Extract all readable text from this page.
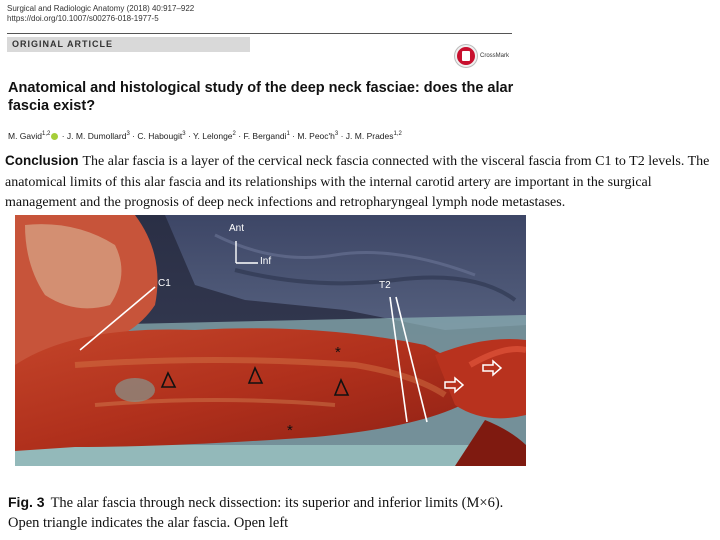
Surgical and Radiologic Anatomy (2018) 40:917–922
https://doi.org/10.1007/s00276-018-1977-5
ORIGINAL ARTICLE
CrossMark
Anatomical and histological study of the deep neck fasciae: does the alar fascia exist?
M. Gavid$^{1,2}$ · J. M. Dumollard$^3$ · C. Habougit$^3$ · Y. Lelonge$^2$ · F. Bergandi$^1$ · M. $Peoc'h^3 \cdot J$. M. Prades$^{1,2}$
Conclusion The alar fascia is a layer of the cervical neck fascia connected with the visceral fascia from C1 to T2 levels. The anatomical limits of this alar fascia and its relationships with the internal carotid artery are important in the surgical management and the prognosis of deep neck infections and retropharyngeal lymph node metastases.
*
*
Ant
Inf
C1	T2
Fig. 3 The alar fascia through neck dissection: its superior and inferior limits (M×6). Open triangle indicates the alar fascia. Open left
